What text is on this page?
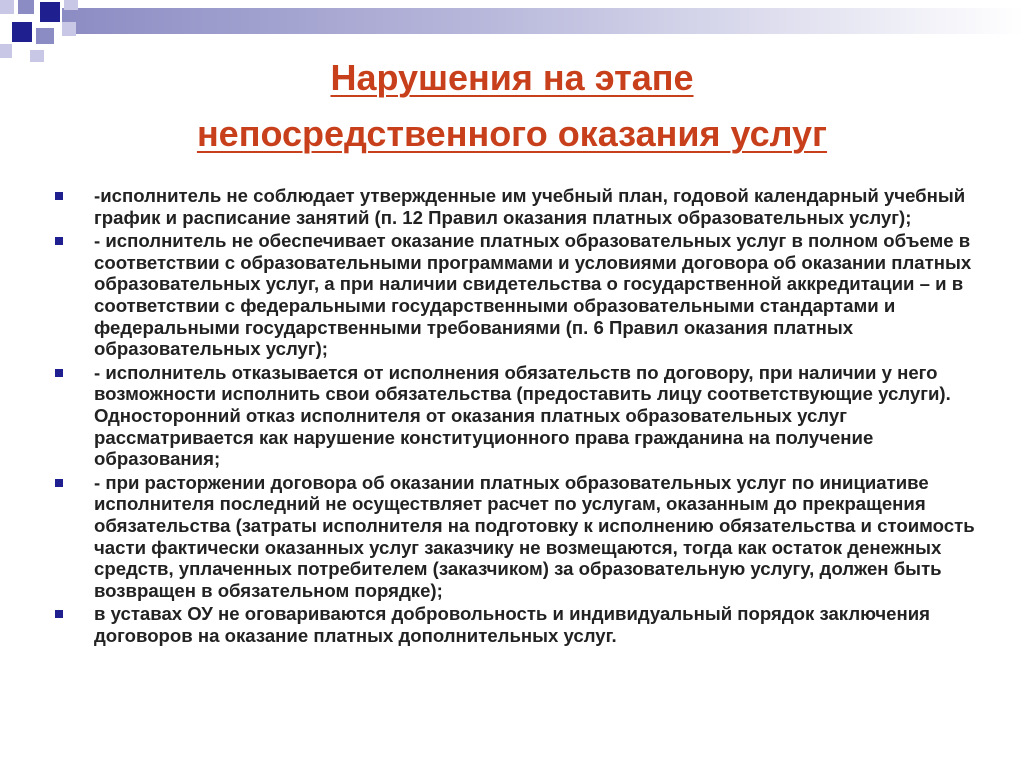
Нарушения на этапе
непосредственного оказания услуг
-исполнитель не соблюдает утвержденные им учебный план, годовой календарный учебный график и расписание занятий (п. 12 Правил оказания платных образовательных услуг);
- исполнитель не обеспечивает оказание платных образовательных услуг в полном объеме в соответствии с образовательными программами и условиями договора об оказании платных образовательных услуг, а при наличии свидетельства о государственной аккредитации – и в соответствии с федеральными государственными образовательными стандартами и федеральными государственными требованиями (п. 6 Правил оказания платных образовательных услуг);
- исполнитель отказывается от исполнения обязательств по договору, при наличии у него возможности исполнить свои обязательства (предоставить лицу соответствующие услуги). Односторонний отказ исполнителя от оказания платных образовательных услуг рассматривается как нарушение конституционного права гражданина на получение образования;
- при расторжении договора об оказании платных образовательных услуг по инициативе исполнителя последний не осуществляет расчет по услугам, оказанным до прекращения обязательства (затраты исполнителя на подготовку к исполнению обязательства и стоимость части фактически оказанных услуг заказчику не возмещаются, тогда как остаток денежных средств, уплаченных потребителем (заказчиком) за образовательную услугу, должен быть возвращен в обязательном порядке);
в уставах ОУ не оговариваются добровольность и индивидуальный порядок заключения договоров на оказание платных дополнительных услуг.
